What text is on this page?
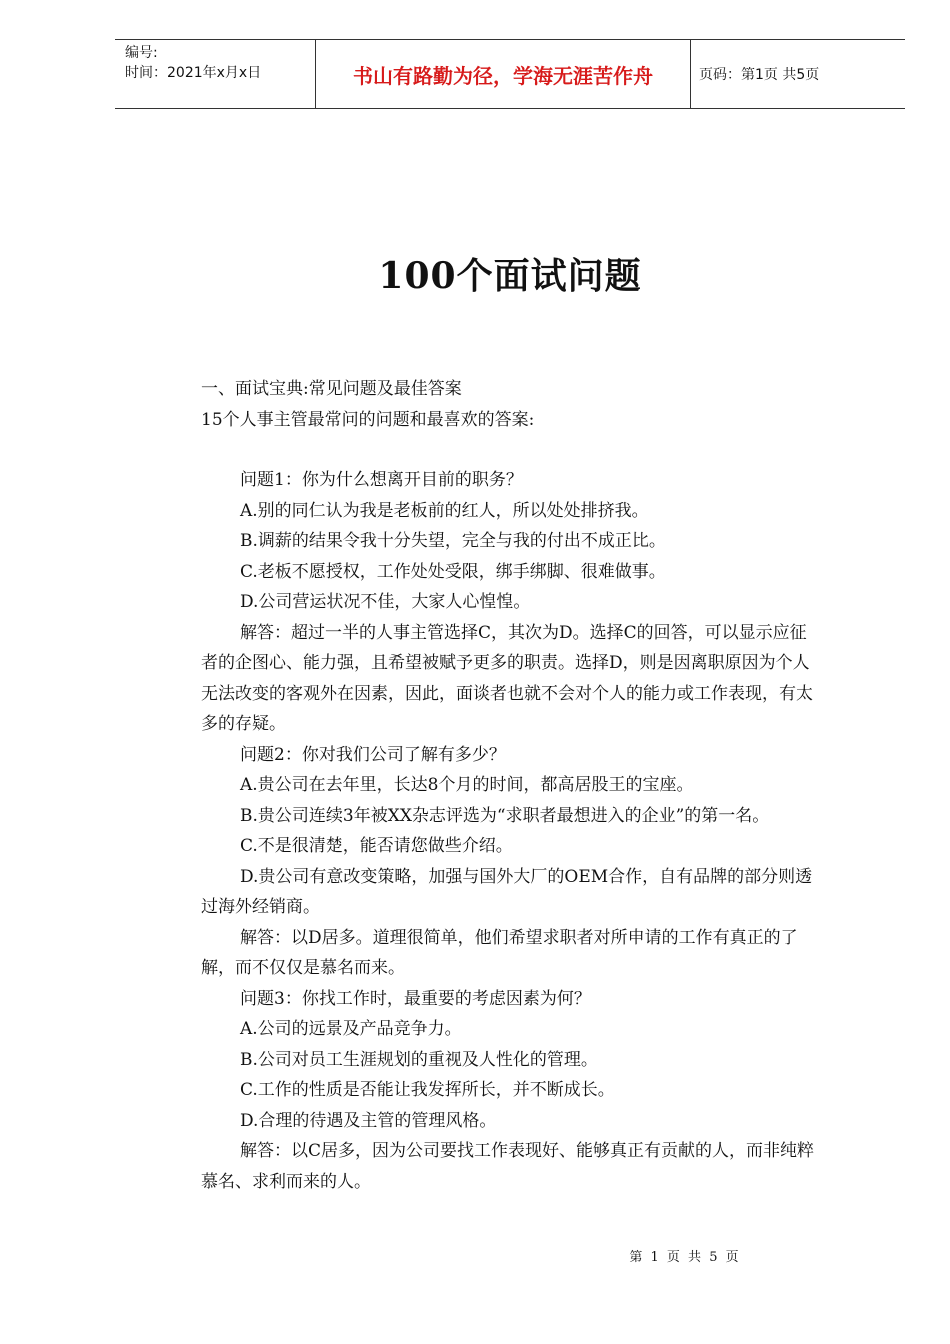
编号:
时间：2021年x月x日	书山有路勤为径，学海无涯苦作舟	页码：第1页 共5页
100个面试问题

一、面试宝典:常见问题及最佳答案

15个人事主管最常问的问题和最喜欢的答案:

问题1：你为什么想离开目前的职务？

A.别的同仁认为我是老板前的红人，所以处处排挤我。

B.调薪的结果令我十分失望，完全与我的付出不成正比。

C.老板不愿授权，工作处处受限，绑手绑脚、很难做事。

D.公司营运状况不佳，大家人心惶惶。

解答：超过一半的人事主管选择C，其次为D。选择C的回答，可以显示应征者的企图心、能力强，且希望被赋予更多的职责。选择D，则是因离职原因为个人无法改变的客观外在因素，因此，面谈者也就不会对个人的能力或工作表现，有太多的存疑。

问题2：你对我们公司了解有多少？

A.贵公司在去年里，长达8个月的时间，都高居股王的宝座。

B.贵公司连续3年被XX杂志评选为“求职者最想进入的企业”的第一名。

C.不是很清楚，能否请您做些介绍。

D.贵公司有意改变策略，加强与国外大厂的OEM合作，自有品牌的部分则透过海外经销商。

解答：以D居多。道理很简单，他们希望求职者对所申请的工作有真正的了解，而不仅仅是慕名而来。

问题3：你找工作时，最重要的考虑因素为何？

A.公司的远景及产品竞争力。

B.公司对员工生涯规划的重视及人性化的管理。

C.工作的性质是否能让我发挥所长，并不断成长。

D.合理的待遇及主管的管理风格。

解答：以C居多，因为公司要找工作表现好、能够真正有贡献的人，而非纯粹慕名、求利而来的人。

第 1 页 共 5 页
